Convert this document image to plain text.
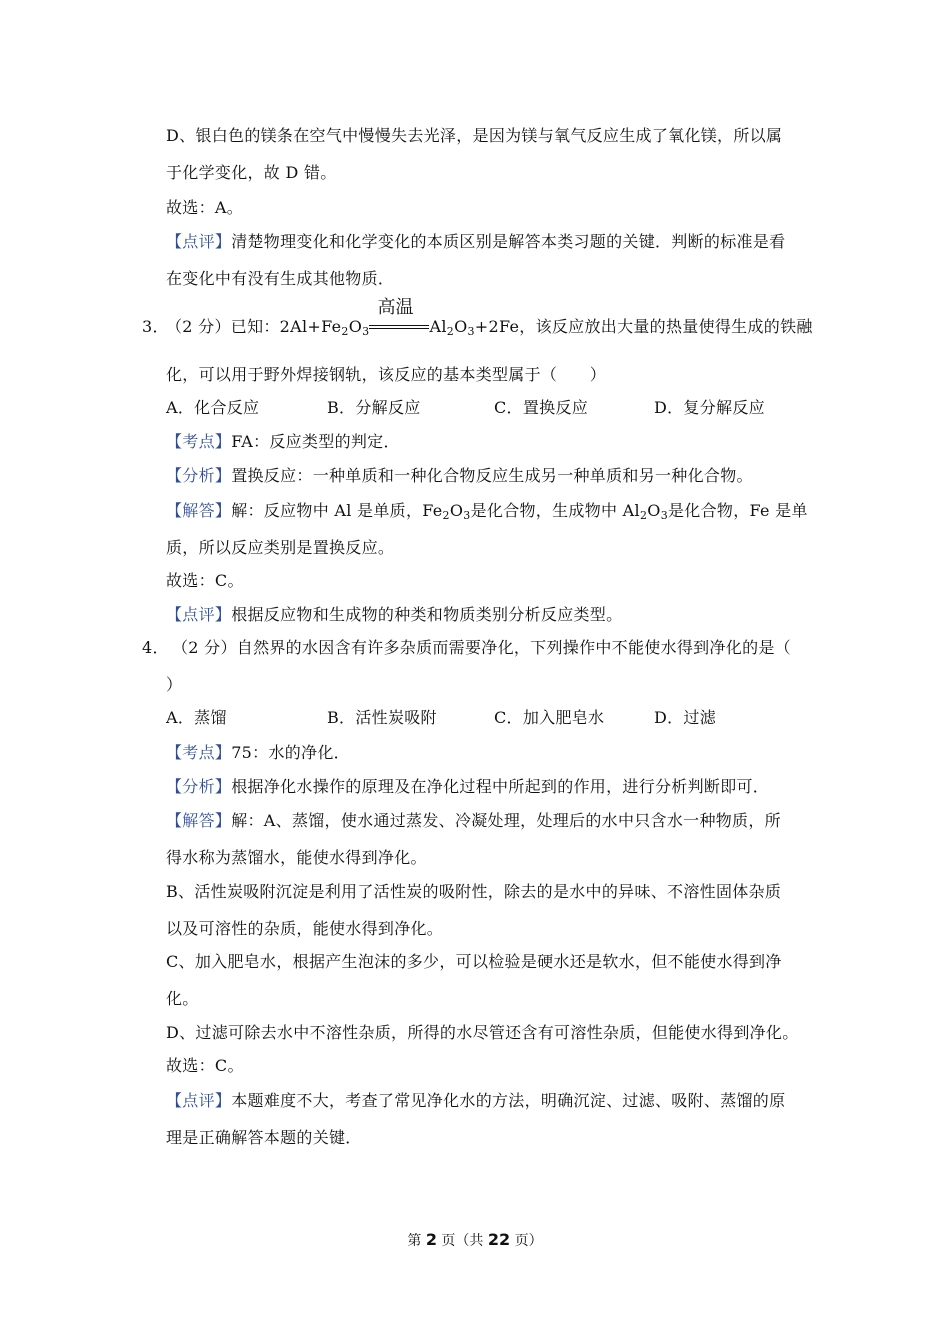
D、银白色的镁条在空气中慢慢失去光泽，是因为镁与氧气反应生成了氧化镁，所以属
于化学变化，故 D 错。
故选：A。
【点评】清楚物理变化和化学变化的本质区别是解答本类习题的关键．判断的标准是看
在变化中有没有生成其他物质．
3．
（2 分）已知：$2Al+Fe_2O_3$
高温
$Al_2O_3+2Fe$，该反应放出大量的热量使得生成的铁融
化，可以用于野外焊接钢轨，该反应的基本类型属于（　　）
A．化合反应	B．分解反应	C．置换反应	D．复分解反应
【考点】FA：反应类型的判定．
【分析】置换反应：一种单质和一种化合物反应生成另一种单质和另一种化合物。
【解答】解：反应物中 Al 是单质，$Fe_2O_3$是化合物，生成物中 $Al_2O_3$是化合物，Fe 是单
质，所以反应类别是置换反应。
故选：C。
【点评】根据反应物和生成物的种类和物质类别分析反应类型。
4． （2 分）自然界的水因含有许多杂质而需要净化，下列操作中不能使水得到净化的是（
）
A．蒸馏	B．活性炭吸附	C．加入肥皂水	D．过滤
【考点】75：水的净化．
【分析】根据净化水操作的原理及在净化过程中所起到的作用，进行分析判断即可．
【解答】解：A、蒸馏，使水通过蒸发、冷凝处理，处理后的水中只含水一种物质，所
得水称为蒸馏水，能使水得到净化。
B、活性炭吸附沉淀是利用了活性炭的吸附性，除去的是水中的异味、不溶性固体杂质
以及可溶性的杂质，能使水得到净化。
C、加入肥皂水，根据产生泡沫的多少，可以检验是硬水还是软水，但不能使水得到净
化。
D、过滤可除去水中不溶性杂质，所得的水尽管还含有可溶性杂质，但能使水得到净化。
故选：C。
【点评】本题难度不大，考查了常见净化水的方法，明确沉淀、过滤、吸附、蒸馏的原
理是正确解答本题的关键．
第 2 页（共 22 页）
